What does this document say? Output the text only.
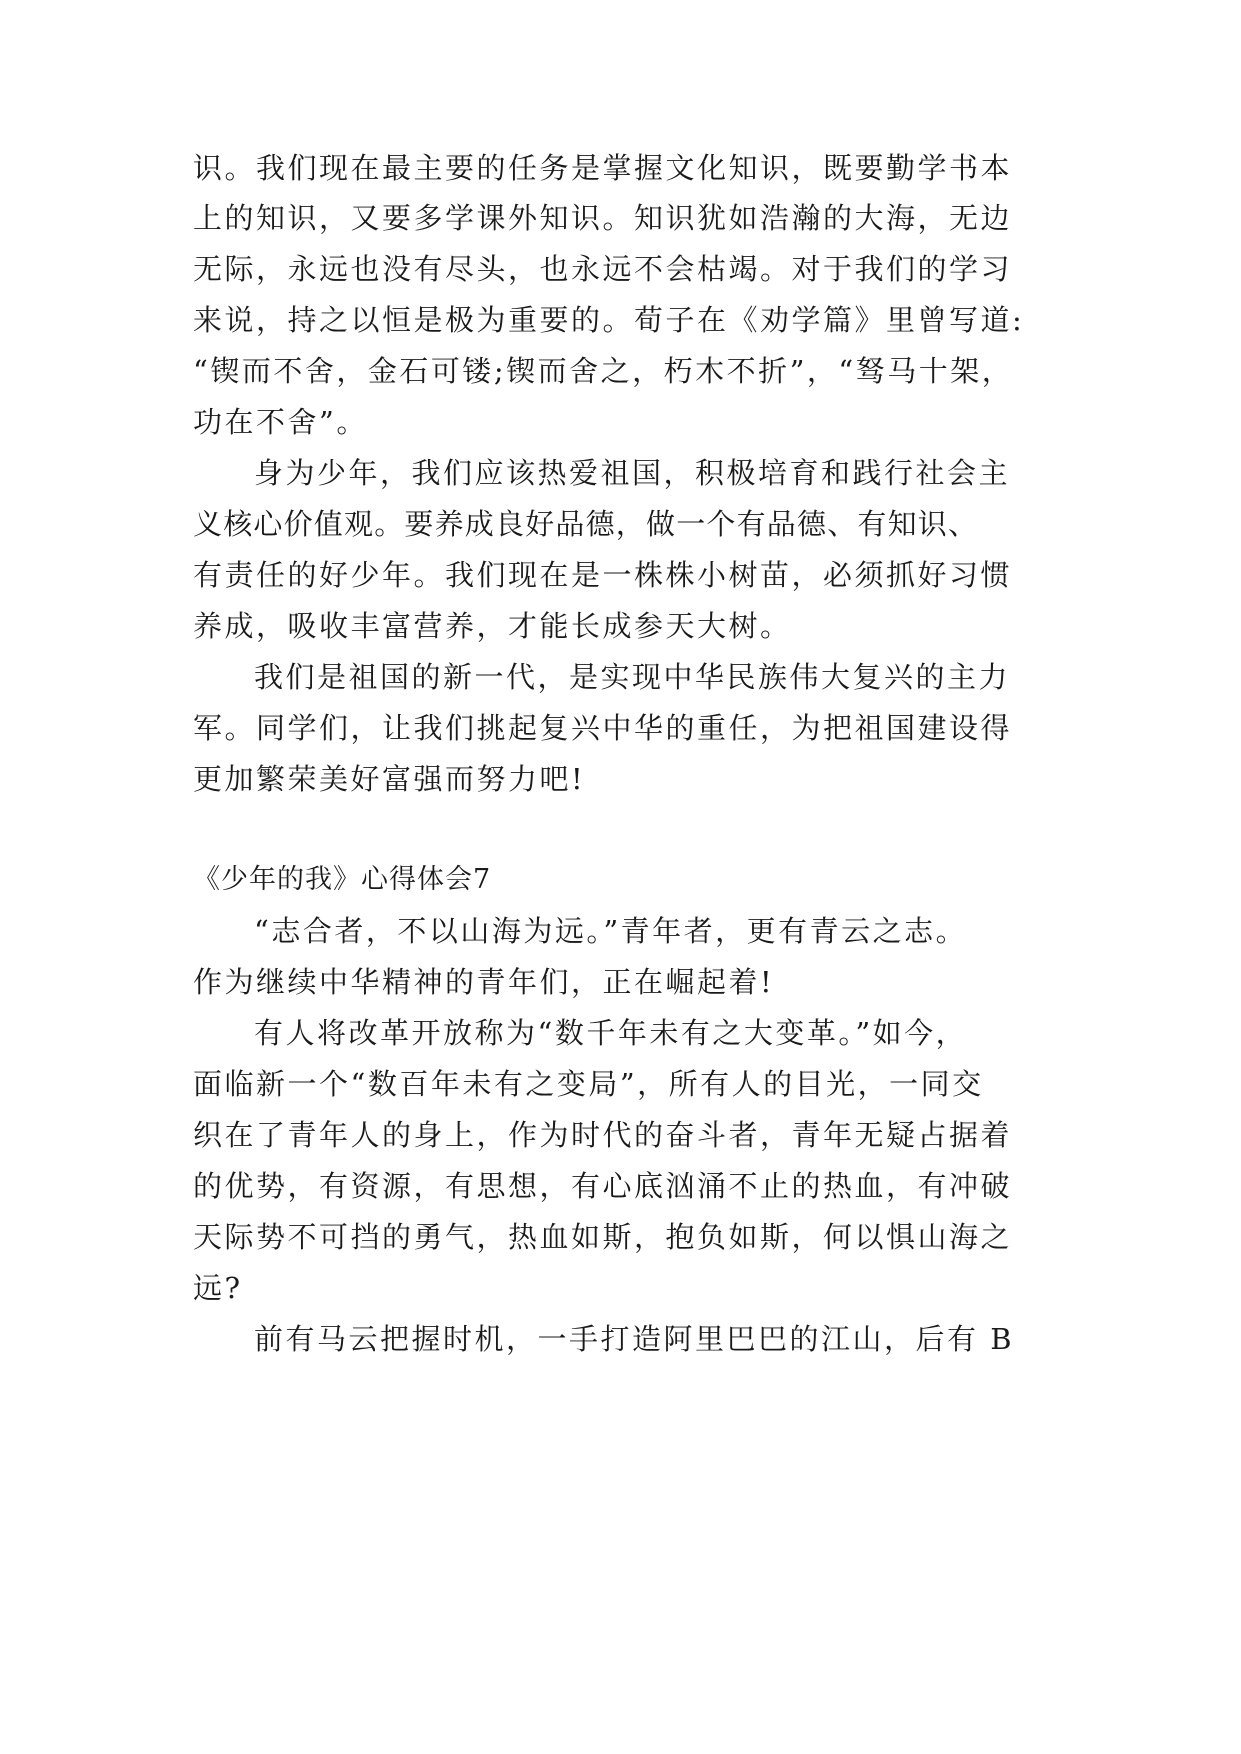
识。我们现在最主要的任务是掌握文化知识，既要勤学书本
上的知识，又要多学课外知识。知识犹如浩瀚的大海，无边
无际，永远也没有尽头，也永远不会枯竭。对于我们的学习
来说，持之以恒是极为重要的。荀子在《劝学篇》里曾写道:
“锲而不舍，金石可镂;锲而舍之，朽木不折”，“驽马十架，
功在不舍”。
身为少年，我们应该热爱祖国，积极培育和践行社会主
义核心价值观。要养成良好品德，做一个有品德、有知识、
有责任的好少年。我们现在是一株株小树苗，必须抓好习惯
养成，吸收丰富营养，才能长成参天大树。
我们是祖国的新一代，是实现中华民族伟大复兴的主力
军。同学们，让我们挑起复兴中华的重任，为把祖国建设得
更加繁荣美好富强而努力吧!
《少年的我》心得体会7
“志合者，不以山海为远。”青年者，更有青云之志。
作为继续中华精神的青年们，正在崛起着!
有人将改革开放称为“数千年未有之大变革。”如今，
面临新一个“数百年未有之变局”，所有人的目光，一同交
织在了青年人的身上，作为时代的奋斗者，青年无疑占据着
的优势，有资源，有思想，有心底汹涌不止的热血，有冲破
天际势不可挡的勇气，热血如斯，抱负如斯，何以惧山海之
远?
前有马云把握时机，一手打造阿里巴巴的江山，后有 B
